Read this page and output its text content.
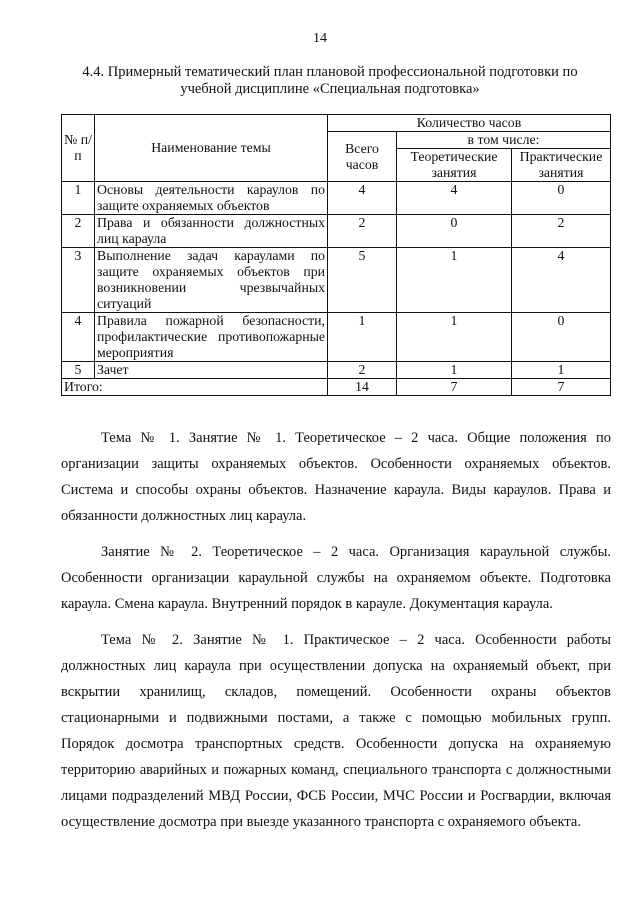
14
4.4. Примерный тематический план плановой профессиональной подготовки по учебной дисциплине «Специальная подготовка»
№ п/п	Наименование темы	Количество часов		
		Всего часов	в том числе:	
			Теоретические занятия	Практические занятия
1	Основы деятельности караулов по защите охраняемых объектов	4	4	0
2	Права и обязанности должностных лиц караула	2	0	2
3	Выполнение задач караулами по защите охраняемых объектов при возникновении чрезвычайных ситуаций	5	1	4
4	Правила пожарной безопасности, профилактические противопожарные мероприятия	1	1	0
5	Зачет	2	1	1
Итого:		14	7	7

Тема № 1. Занятие № 1. Теоретическое – 2 часа. Общие положения по организации защиты охраняемых объектов. Особенности охраняемых объектов. Система и способы охраны объектов. Назначение караула. Виды караулов. Права и обязанности должностных лиц караула.

Занятие № 2. Теоретическое – 2 часа. Организация караульной службы. Особенности организации караульной службы на охраняемом объекте. Подготовка караула. Смена караула. Внутренний порядок в карауле. Документация караула.

Тема № 2. Занятие № 1. Практическое – 2 часа. Особенности работы должностных лиц караула при осуществлении допуска на охраняемый объект, при вскрытии хранилищ, складов, помещений. Особенности охраны объектов стационарными и подвижными постами, а также с помощью мобильных групп. Порядок досмотра транспортных средств. Особенности допуска на охраняемую территорию аварийных и пожарных команд, специального транспорта с должностными лицами подразделений МВД России, ФСБ России, МЧС России и Росгвардии, включая осуществление досмотра при выезде указанного транспорта с охраняемого объекта.
